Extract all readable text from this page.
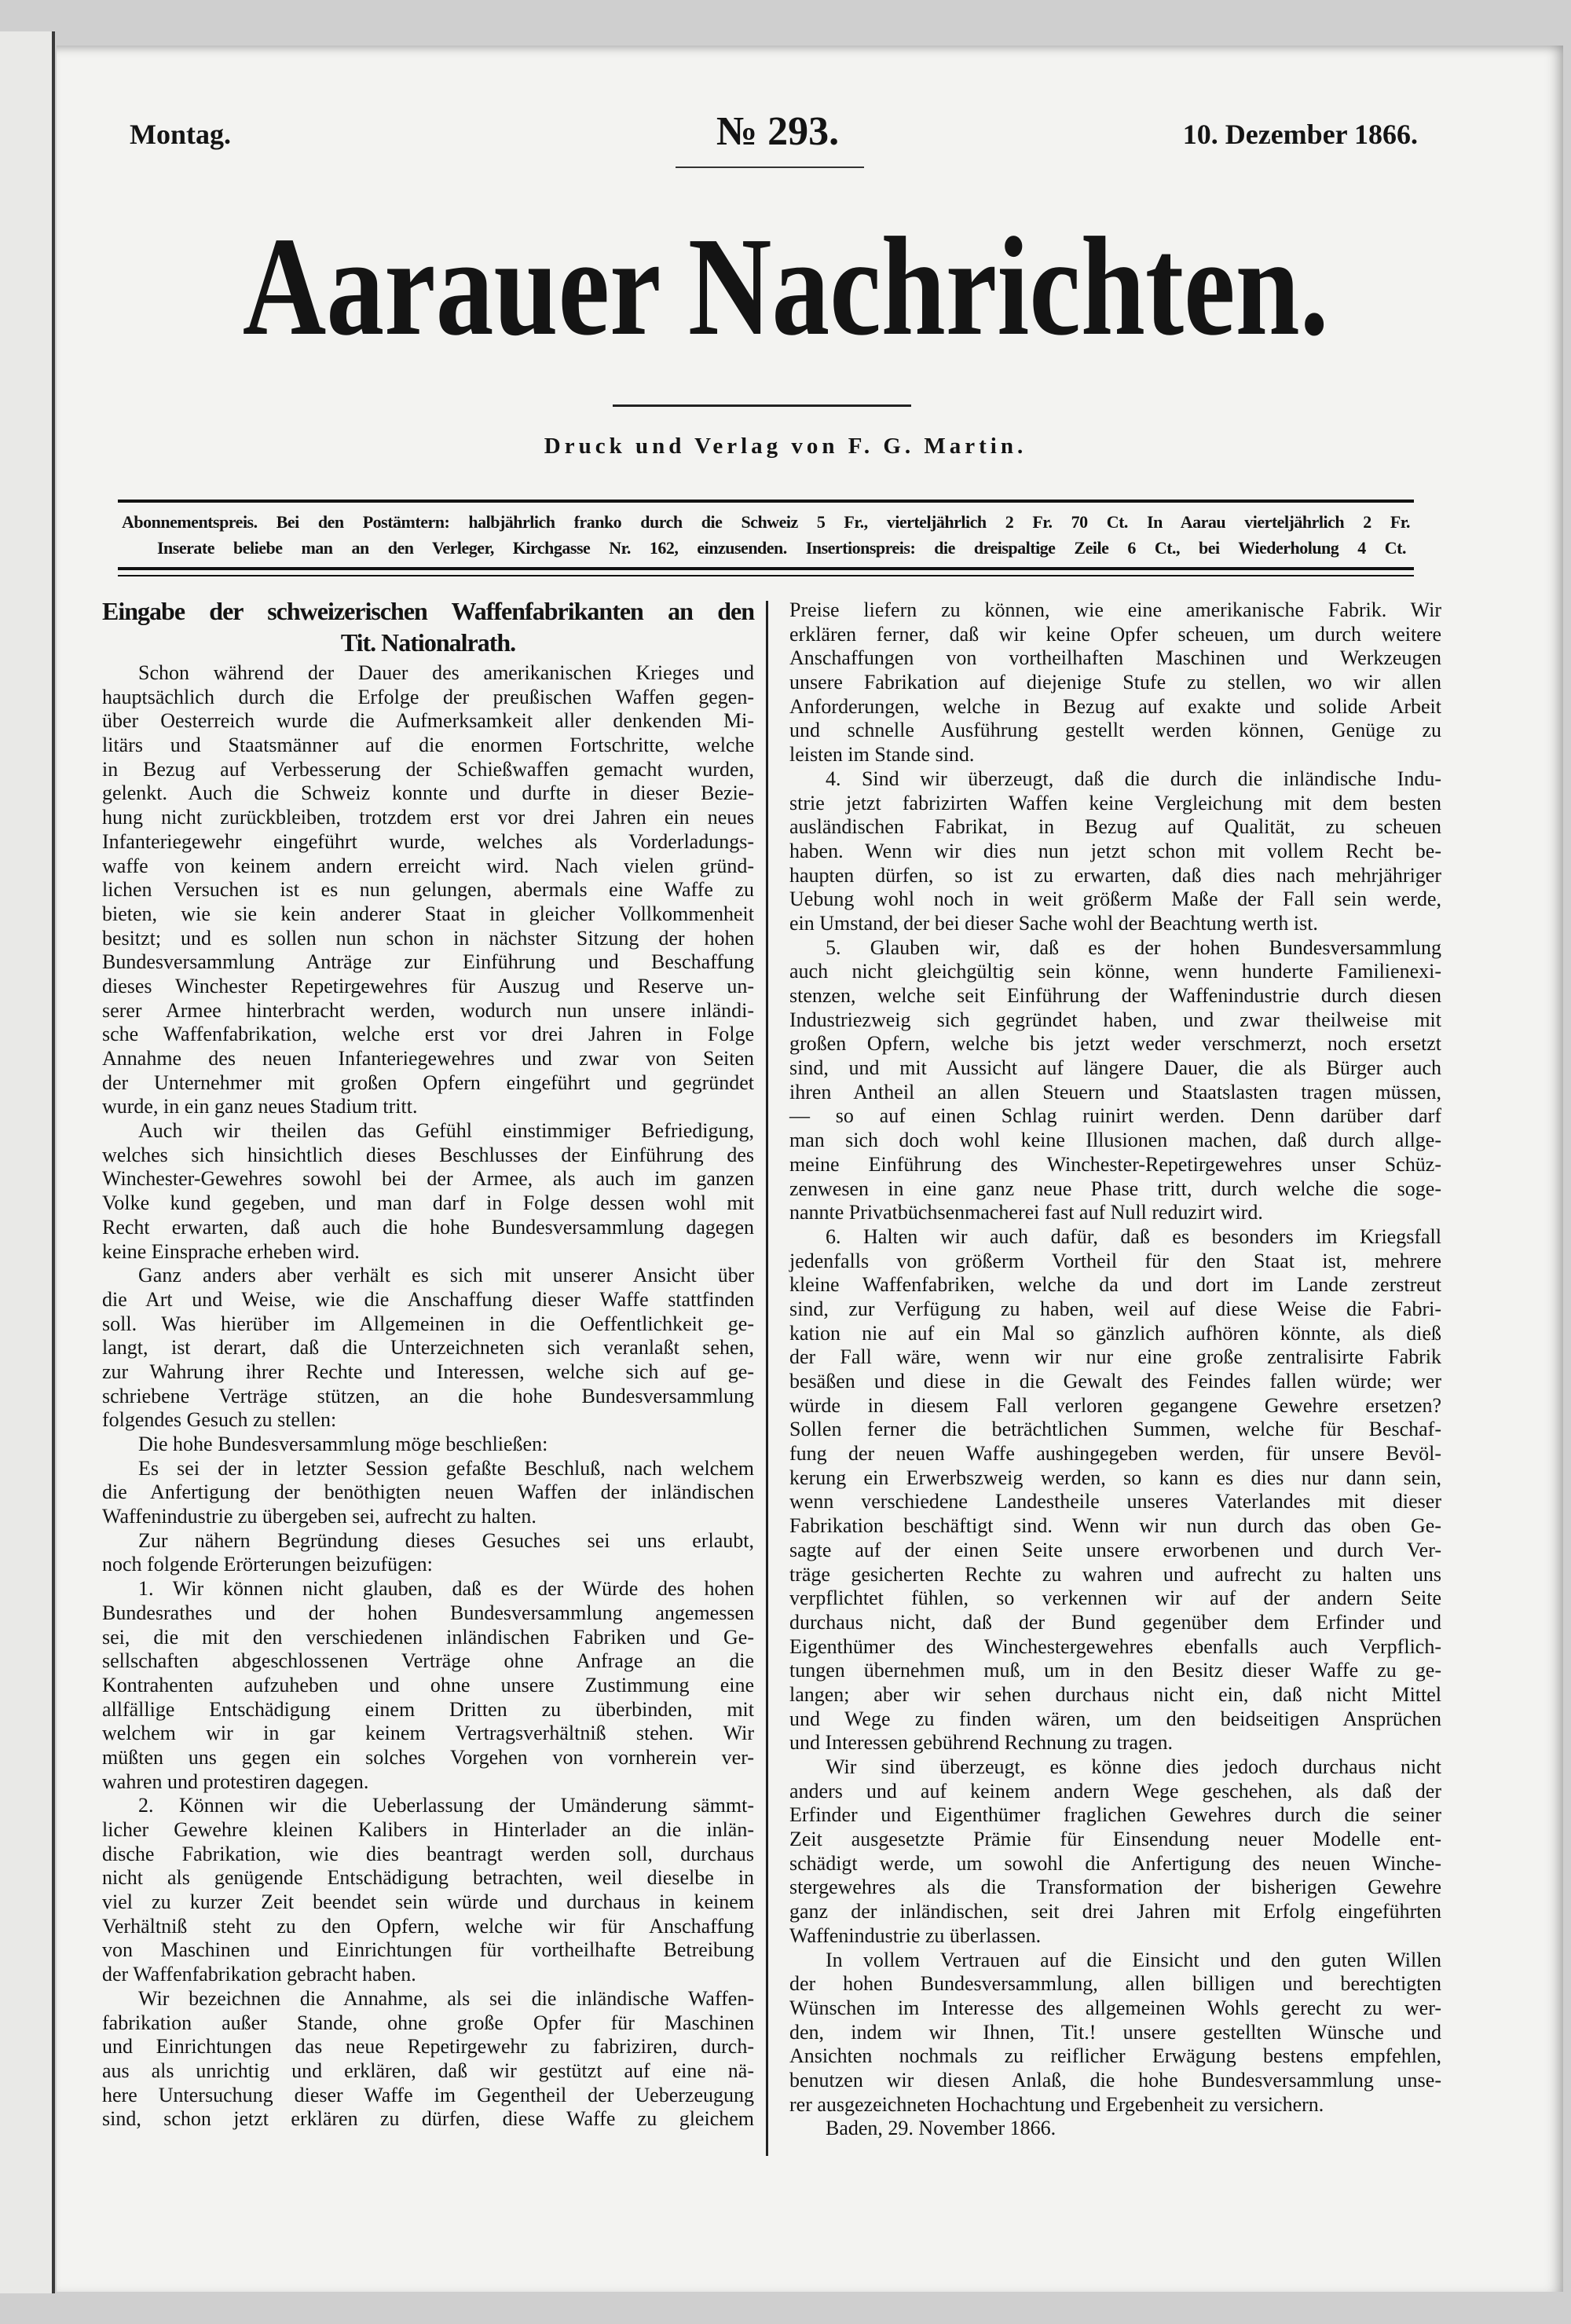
Montag.	№ 293.	10. Dezember 1866.
Aarauer Nachrichten.
Druck und Verlag von F. G. Martin.
Abonnementspreis. Bei den Postämtern: halbjährlich franko durch die Schweiz 5 Fr., vierteljährlich 2 Fr. 70 Ct. In Aarau vierteljährlich 2 Fr.
Inserate beliebe man an den Verleger, Kirchgasse Nr. 162, einzusenden. Insertionspreis: die dreispaltige Zeile 6 Ct., bei Wiederholung 4 Ct.
Eingabe der schweizerischen Waffenfabrikanten an den
Tit. Nationalrath.
Schon während der Dauer des amerikanischen Krieges und
hauptsächlich durch die Erfolge der preußischen Waffen gegen-
über Oesterreich wurde die Aufmerksamkeit aller denkenden Mi-
litärs und Staatsmänner auf die enormen Fortschritte, welche
in Bezug auf Verbesserung der Schießwaffen gemacht wurden,
gelenkt. Auch die Schweiz konnte und durfte in dieser Bezie-
hung nicht zurückbleiben, trotzdem erst vor drei Jahren ein neues
Infanteriegewehr eingeführt wurde, welches als Vorderladungs-
waffe von keinem andern erreicht wird. Nach vielen gründ-
lichen Versuchen ist es nun gelungen, abermals eine Waffe zu
bieten, wie sie kein anderer Staat in gleicher Vollkommenheit
besitzt; und es sollen nun schon in nächster Sitzung der hohen
Bundesversammlung Anträge zur Einführung und Beschaffung
dieses Winchester Repetirgewehres für Auszug und Reserve un-
serer Armee hinterbracht werden, wodurch nun unsere inländi-
sche Waffenfabrikation, welche erst vor drei Jahren in Folge
Annahme des neuen Infanteriegewehres und zwar von Seiten
der Unternehmer mit großen Opfern eingeführt und gegründet
wurde, in ein ganz neues Stadium tritt.
Auch wir theilen das Gefühl einstimmiger Befriedigung,
welches sich hinsichtlich dieses Beschlusses der Einführung des
Winchester-Gewehres sowohl bei der Armee, als auch im ganzen
Volke kund gegeben, und man darf in Folge dessen wohl mit
Recht erwarten, daß auch die hohe Bundesversammlung dagegen
keine Einsprache erheben wird.
Ganz anders aber verhält es sich mit unserer Ansicht über
die Art und Weise, wie die Anschaffung dieser Waffe stattfinden
soll. Was hierüber im Allgemeinen in die Oeffentlichkeit ge-
langt, ist derart, daß die Unterzeichneten sich veranlaßt sehen,
zur Wahrung ihrer Rechte und Interessen, welche sich auf ge-
schriebene Verträge stützen, an die hohe Bundesversammlung
folgendes Gesuch zu stellen:
Die hohe Bundesversammlung möge beschließen:
Es sei der in letzter Session gefaßte Beschluß, nach welchem
die Anfertigung der benöthigten neuen Waffen der inländischen
Waffenindustrie zu übergeben sei, aufrecht zu halten.
Zur nähern Begründung dieses Gesuches sei uns erlaubt,
noch folgende Erörterungen beizufügen:
1. Wir können nicht glauben, daß es der Würde des hohen
Bundesrathes und der hohen Bundesversammlung angemessen
sei, die mit den verschiedenen inländischen Fabriken und Ge-
sellschaften abgeschlossenen Verträge ohne Anfrage an die
Kontrahenten aufzuheben und ohne unsere Zustimmung eine
allfällige Entschädigung einem Dritten zu überbinden, mit
welchem wir in gar keinem Vertragsverhältniß stehen. Wir
müßten uns gegen ein solches Vorgehen von vornherein ver-
wahren und protestiren dagegen.
2. Können wir die Ueberlassung der Umänderung sämmt-
licher Gewehre kleinen Kalibers in Hinterlader an die inlän-
dische Fabrikation, wie dies beantragt werden soll, durchaus
nicht als genügende Entschädigung betrachten, weil dieselbe in
viel zu kurzer Zeit beendet sein würde und durchaus in keinem
Verhältniß steht zu den Opfern, welche wir für Anschaffung
von Maschinen und Einrichtungen für vortheilhafte Betreibung
der Waffenfabrikation gebracht haben.
Wir bezeichnen die Annahme, als sei die inländische Waffen-
fabrikation außer Stande, ohne große Opfer für Maschinen
und Einrichtungen das neue Repetirgewehr zu fabriziren, durch-
aus als unrichtig und erklären, daß wir gestützt auf eine nä-
here Untersuchung dieser Waffe im Gegentheil der Ueberzeugung
sind, schon jetzt erklären zu dürfen, diese Waffe zu gleichem
Preise liefern zu können, wie eine amerikanische Fabrik. Wir
erklären ferner, daß wir keine Opfer scheuen, um durch weitere
Anschaffungen von vortheilhaften Maschinen und Werkzeugen
unsere Fabrikation auf diejenige Stufe zu stellen, wo wir allen
Anforderungen, welche in Bezug auf exakte und solide Arbeit
und schnelle Ausführung gestellt werden können, Genüge zu
leisten im Stande sind.
4. Sind wir überzeugt, daß die durch die inländische Indu-
strie jetzt fabrizirten Waffen keine Vergleichung mit dem besten
ausländischen Fabrikat, in Bezug auf Qualität, zu scheuen
haben. Wenn wir dies nun jetzt schon mit vollem Recht be-
haupten dürfen, so ist zu erwarten, daß dies nach mehrjähriger
Uebung wohl noch in weit größerm Maße der Fall sein werde,
ein Umstand, der bei dieser Sache wohl der Beachtung werth ist.
5. Glauben wir, daß es der hohen Bundesversammlung
auch nicht gleichgültig sein könne, wenn hunderte Familienexi-
stenzen, welche seit Einführung der Waffenindustrie durch diesen
Industriezweig sich gegründet haben, und zwar theilweise mit
großen Opfern, welche bis jetzt weder verschmerzt, noch ersetzt
sind, und mit Aussicht auf längere Dauer, die als Bürger auch
ihren Antheil an allen Steuern und Staatslasten tragen müssen,
— so auf einen Schlag ruinirt werden. Denn darüber darf
man sich doch wohl keine Illusionen machen, daß durch allge-
meine Einführung des Winchester-Repetirgewehres unser Schüz-
zenwesen in eine ganz neue Phase tritt, durch welche die soge-
nannte Privatbüchsenmacherei fast auf Null reduzirt wird.
6. Halten wir auch dafür, daß es besonders im Kriegsfall
jedenfalls von größerm Vortheil für den Staat ist, mehrere
kleine Waffenfabriken, welche da und dort im Lande zerstreut
sind, zur Verfügung zu haben, weil auf diese Weise die Fabri-
kation nie auf ein Mal so gänzlich aufhören könnte, als dieß
der Fall wäre, wenn wir nur eine große zentralisirte Fabrik
besäßen und diese in die Gewalt des Feindes fallen würde; wer
würde in diesem Fall verloren gegangene Gewehre ersetzen?
Sollen ferner die beträchtlichen Summen, welche für Beschaf-
fung der neuen Waffe aushingegeben werden, für unsere Bevöl-
kerung ein Erwerbszweig werden, so kann es dies nur dann sein,
wenn verschiedene Landestheile unseres Vaterlandes mit dieser
Fabrikation beschäftigt sind. Wenn wir nun durch das oben Ge-
sagte auf der einen Seite unsere erworbenen und durch Ver-
träge gesicherten Rechte zu wahren und aufrecht zu halten uns
verpflichtet fühlen, so verkennen wir auf der andern Seite
durchaus nicht, daß der Bund gegenüber dem Erfinder und
Eigenthümer des Winchestergewehres ebenfalls auch Verpflich-
tungen übernehmen muß, um in den Besitz dieser Waffe zu ge-
langen; aber wir sehen durchaus nicht ein, daß nicht Mittel
und Wege zu finden wären, um den beidseitigen Ansprüchen
und Interessen gebührend Rechnung zu tragen.
Wir sind überzeugt, es könne dies jedoch durchaus nicht
anders und auf keinem andern Wege geschehen, als daß der
Erfinder und Eigenthümer fraglichen Gewehres durch die seiner
Zeit ausgesetzte Prämie für Einsendung neuer Modelle ent-
schädigt werde, um sowohl die Anfertigung des neuen Winche-
stergewehres als die Transformation der bisherigen Gewehre
ganz der inländischen, seit drei Jahren mit Erfolg eingeführten
Waffenindustrie zu überlassen.
In vollem Vertrauen auf die Einsicht und den guten Willen
der hohen Bundesversammlung, allen billigen und berechtigten
Wünschen im Interesse des allgemeinen Wohls gerecht zu wer-
den, indem wir Ihnen, Tit.! unsere gestellten Wünsche und
Ansichten nochmals zu reiflicher Erwägung bestens empfehlen,
benutzen wir diesen Anlaß, die hohe Bundesversammlung unse-
rer ausgezeichneten Hochachtung und Ergebenheit zu versichern.
Baden, 29. November 1866.
